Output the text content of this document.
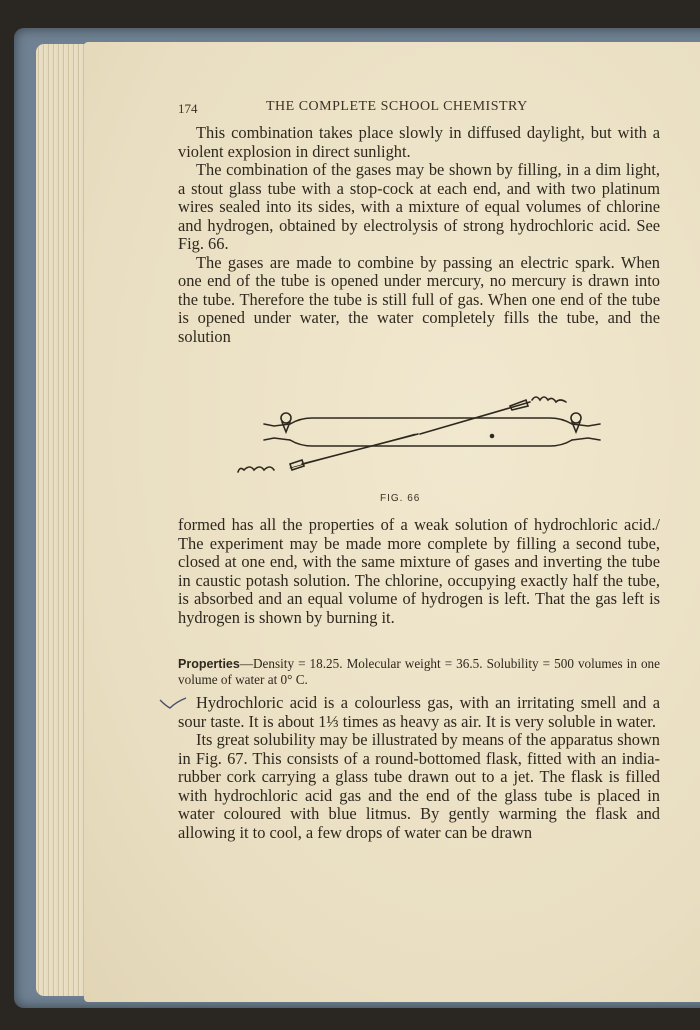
174	THE COMPLETE SCHOOL CHEMISTRY

This combination takes place slowly in diffused daylight, but with a violent explosion in direct sunlight.

The combination of the gases may be shown by filling, in a dim light, a stout glass tube with a stop-cock at each end, and with two platinum wires sealed into its sides, with a mixture of equal volumes of chlorine and hydrogen, obtained by electrolysis of strong hydrochloric acid. See Fig. 66.

The gases are made to combine by passing an electric spark. When one end of the tube is opened under mercury, no mercury is drawn into the tube. Therefore the tube is still full of gas. When one end of the tube is opened under water, the water completely fills the tube, and the solution

FIG. 66

formed has all the properties of a weak solution of hydrochloric acid./ The experiment may be made more complete by filling a second tube, closed at one end, with the same mixture of gases and inverting the tube in caustic potash solution. The chlorine, occupying exactly half the tube, is absorbed and an equal volume of hydrogen is left. That the gas left is hydrogen is shown by burning it.

Properties—Density = 18.25. Molecular weight = 36.5. Solubility = 500 volumes in one volume of water at 0° C.

Hydrochloric acid is a colourless gas, with an irritating smell and a sour taste. It is about 1⅓ times as heavy as air. It is very soluble in water.

Its great solubility may be illustrated by means of the apparatus shown in Fig. 67. This consists of a round-bottomed flask, fitted with an india-rubber cork carrying a glass tube drawn out to a jet. The flask is filled with hydrochloric acid gas and the end of the glass tube is placed in water coloured with blue litmus. By gently warming the flask and allowing it to cool, a few drops of water can be drawn
